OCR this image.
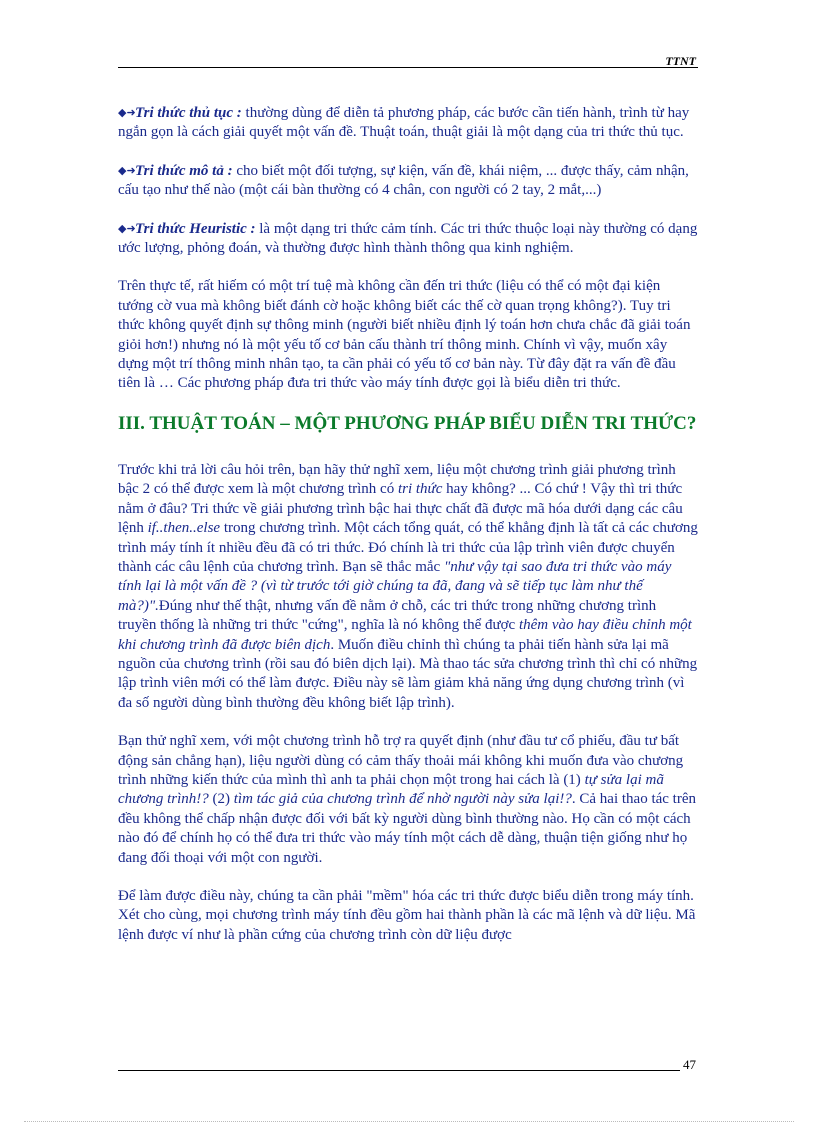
TTNT

◆➜Tri thức thủ tục : thường dùng để diễn tả phương pháp, các bước cần tiến hành, trình từ hay ngắn gọn là cách giải quyết một vấn đề. Thuật toán, thuật giải là một dạng của tri thức thủ tục.

◆➜Tri thức mô tả : cho biết một đối tượng, sự kiện, vấn đề, khái niệm, ... được thấy, cảm nhận, cấu tạo như thế nào (một cái bàn thường có 4 chân, con người có 2 tay, 2 mắt,...)

◆➜Tri thức Heuristic : là một dạng tri thức cảm tính. Các tri thức thuộc loại này thường có dạng ước lượng, phỏng đoán, và thường được hình thành thông qua kinh nghiệm.

Trên thực tế, rất hiếm có một trí tuệ mà không cần đến tri thức (liệu có thể có một đại kiện tướng cờ vua mà không biết đánh cờ hoặc không biết các thế cờ quan trọng không?). Tuy tri thức không quyết định sự thông minh (người biết nhiều định lý toán hơn chưa chắc đã giải toán giỏi hơn!) nhưng nó là một yếu tố cơ bản cấu thành trí thông minh. Chính vì vậy, muốn xây dựng một trí thông minh nhân tạo, ta cần phải có yếu tố cơ bản này. Từ đây đặt ra vấn đề đầu tiên là … Các phương pháp đưa tri thức vào máy tính được gọi là biểu diễn tri thức.

III. THUẬT TOÁN – MỘT PHƯƠNG PHÁP BIỂU DIỄN TRI THỨC?

Trước khi trả lời câu hỏi trên, bạn hãy thử nghĩ xem, liệu một chương trình giải phương trình bậc 2 có thể được xem là một chương trình có tri thức hay không? ... Có chứ ! Vậy thì tri thức nằm ở đâu? Tri thức về giải phương trình bậc hai thực chất đã được mã hóa dưới dạng các câu lệnh if..then..else trong chương trình. Một cách tổng quát, có thể khẳng định là tất cả các chương trình máy tính ít nhiều đều đã có tri thức. Đó chính là tri thức của lập trình viên được chuyển thành các câu lệnh của chương trình. Bạn sẽ thắc mắc "như vậy tại sao đưa tri thức vào máy tính lại là một vấn đề ? (vì từ trước tới giờ chúng ta đã, đang và sẽ tiếp tục làm như thế mà?)".Đúng như thế thật, nhưng vấn đề nằm ở chỗ, các tri thức trong những chương trình truyền thống là những tri thức "cứng", nghĩa là nó không thể được thêm vào hay điều chỉnh một khi chương trình đã được biên dịch. Muốn điều chỉnh thì chúng ta phải tiến hành sửa lại mã nguồn của chương trình (rồi sau đó biên dịch lại). Mà thao tác sửa chương trình thì chỉ có những lập trình viên mới có thể làm được. Điều này sẽ làm giảm khả năng ứng dụng chương trình (vì đa số người dùng bình thường đều không biết lập trình).

Bạn thử nghĩ xem, với một chương trình hỗ trợ ra quyết định (như đầu tư cổ phiếu, đầu tư bất động sản chẳng hạn), liệu người dùng có cảm thấy thoải mái không khi muốn đưa vào chương trình những kiến thức của mình thì anh ta phải chọn một trong hai cách là (1) tự sửa lại mã chương trình!? (2) tìm tác giả của chương trình để nhờ người này sửa lại!?. Cả hai thao tác trên đều không thể chấp nhận được đối với bất kỳ người dùng bình thường nào. Họ cần có một cách nào đó để chính họ có thể đưa tri thức vào máy tính một cách dễ dàng, thuận tiện giống như họ đang đối thoại với một con người.

Để làm được điều này, chúng ta cần phải "mềm" hóa các tri thức được biểu diễn trong máy tính. Xét cho cùng, mọi chương trình máy tính đều gồm hai thành phần là các mã lệnh và dữ liệu. Mã lệnh được ví như là phần cứng của chương trình còn dữ liệu được

47
